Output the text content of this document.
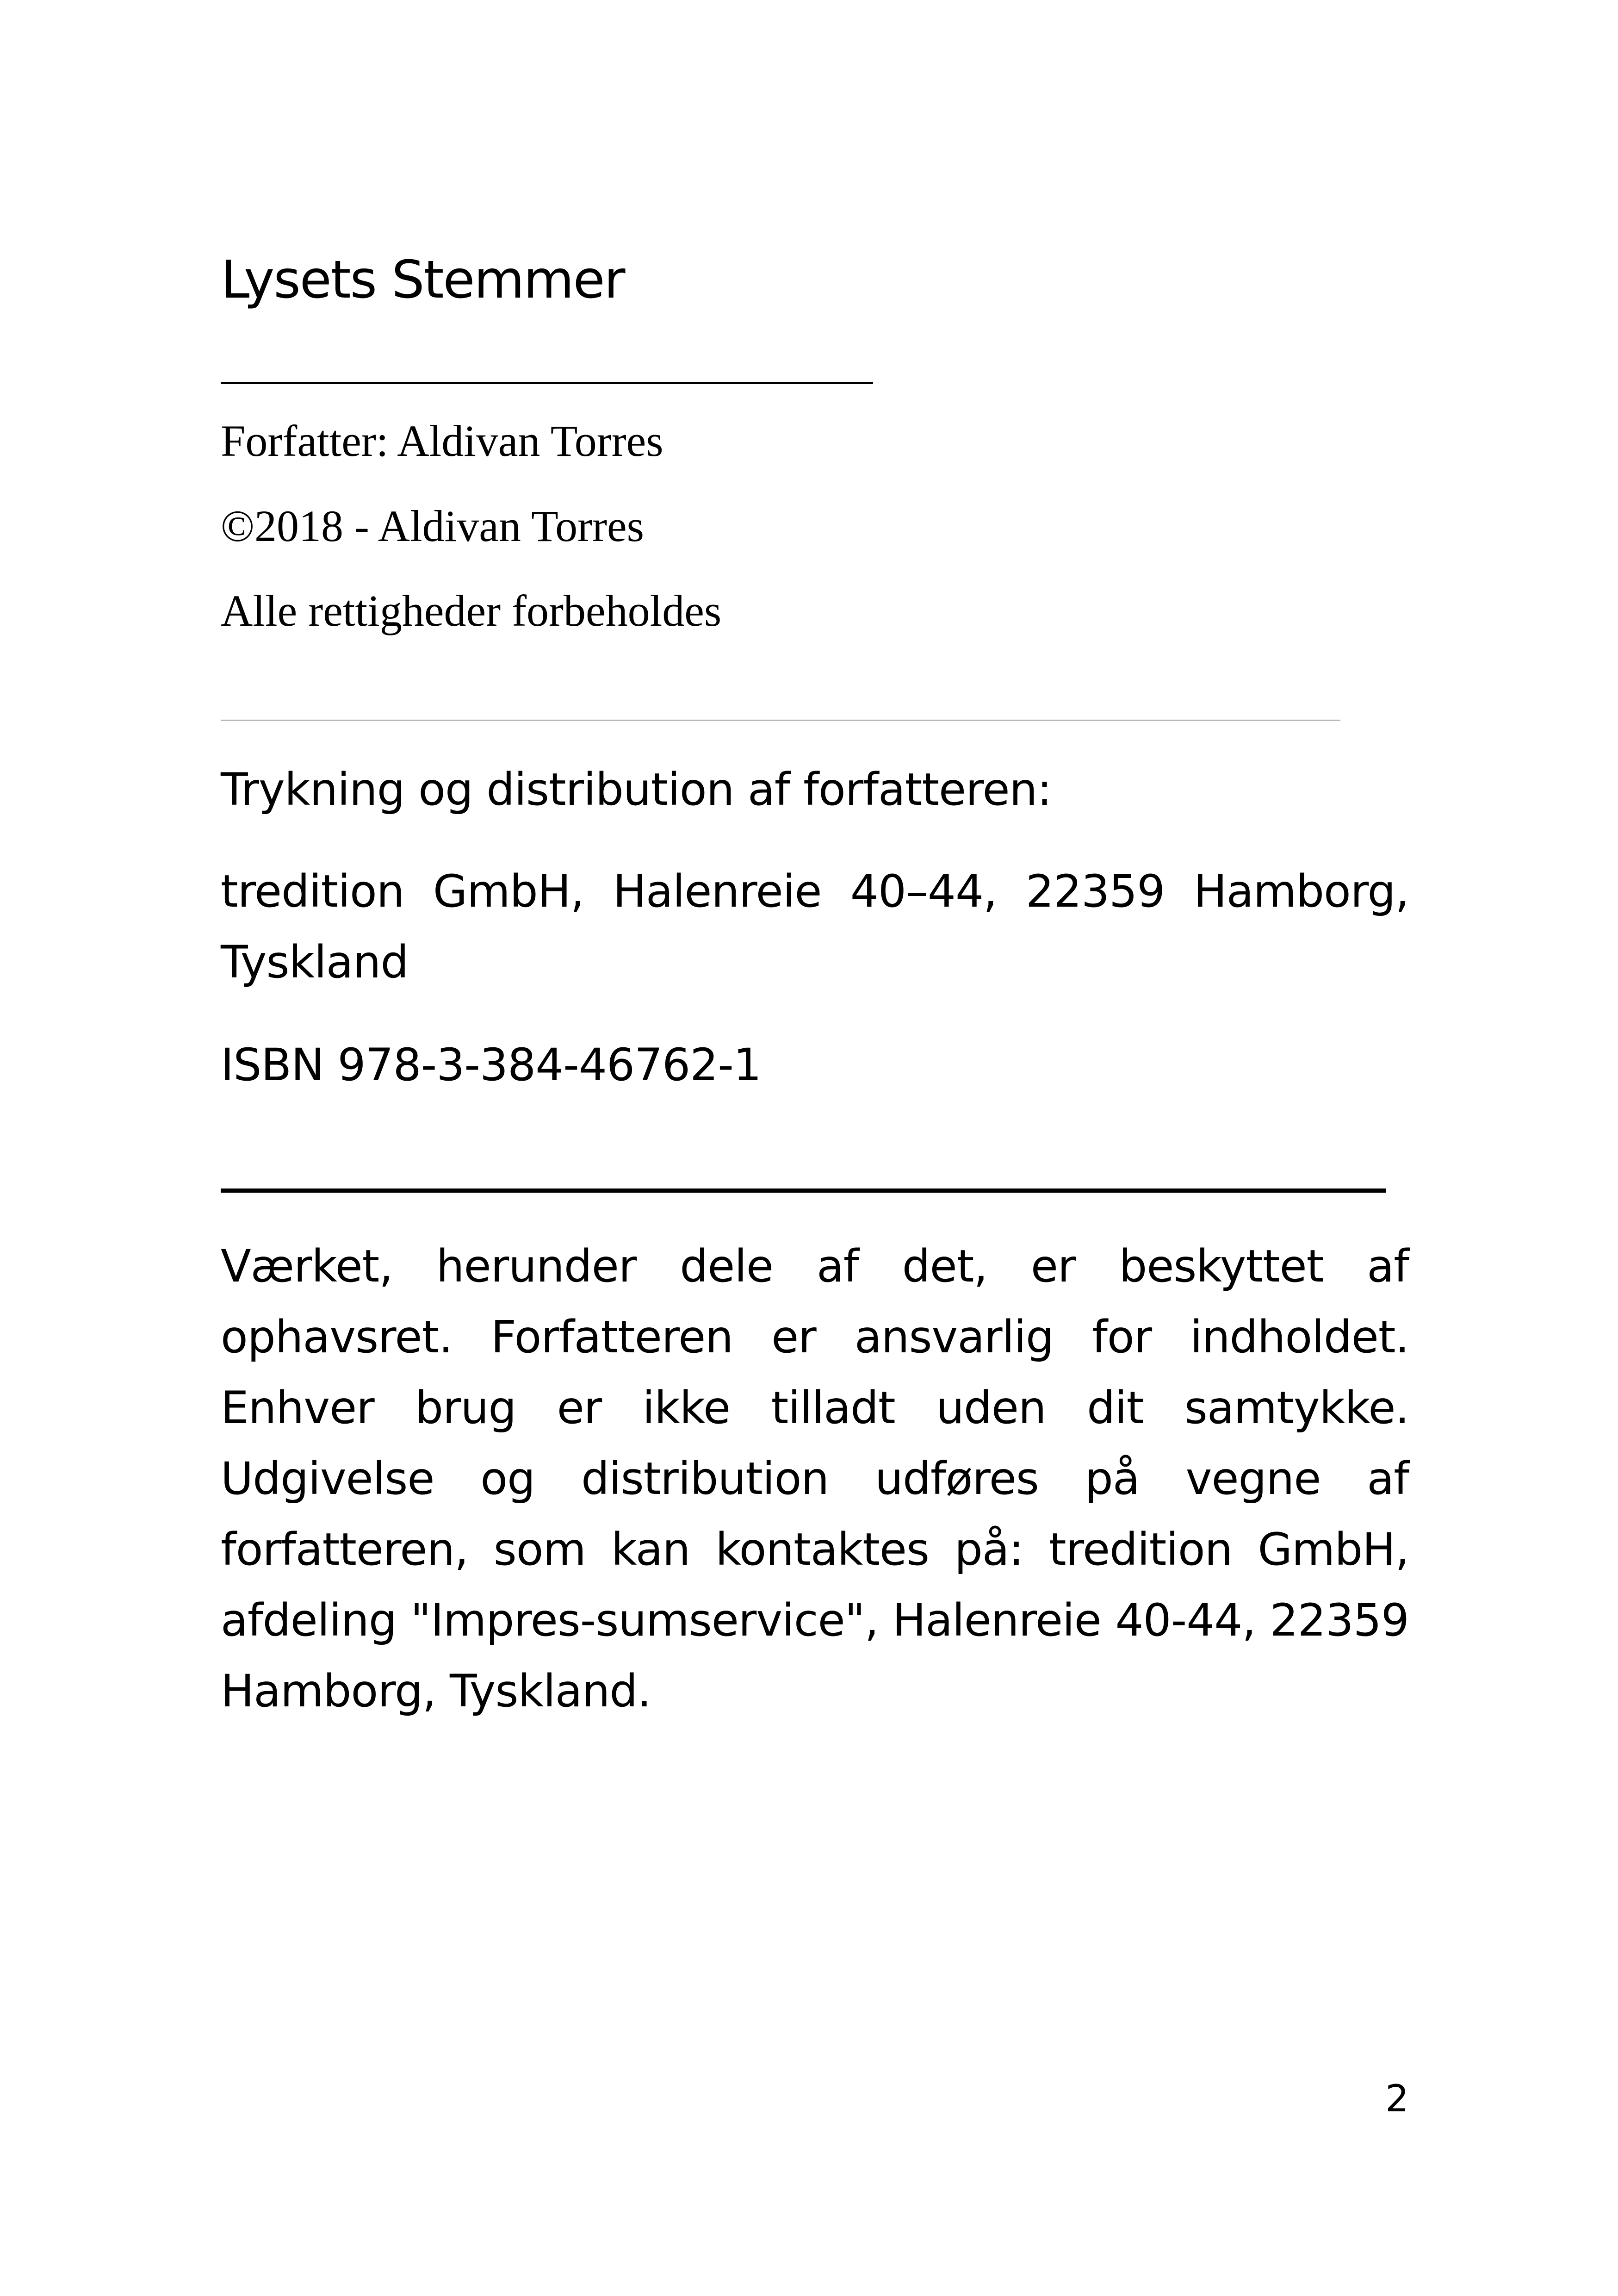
Lysets Stemmer
Forfatter: Aldivan Torres
©2018 - Aldivan Torres
Alle rettigheder forbeholdes
Trykning og distribution af forfatteren:
tredition GmbH, Halenreie 40–44, 22359 Hamborg, Tyskland
ISBN 978-3-384-46762-1
Værket, herunder dele af det, er beskyttet af ophavsret. Forfatteren er ansvarlig for indholdet. Enhver brug er ikke tilladt uden dit samtykke. Udgivelse og distribution udføres på vegne af forfatteren, som kan kontaktes på: tredition GmbH, afdeling "Impres-sumservice", Halenreie 40-44, 22359 Hamborg, Tyskland.
2
